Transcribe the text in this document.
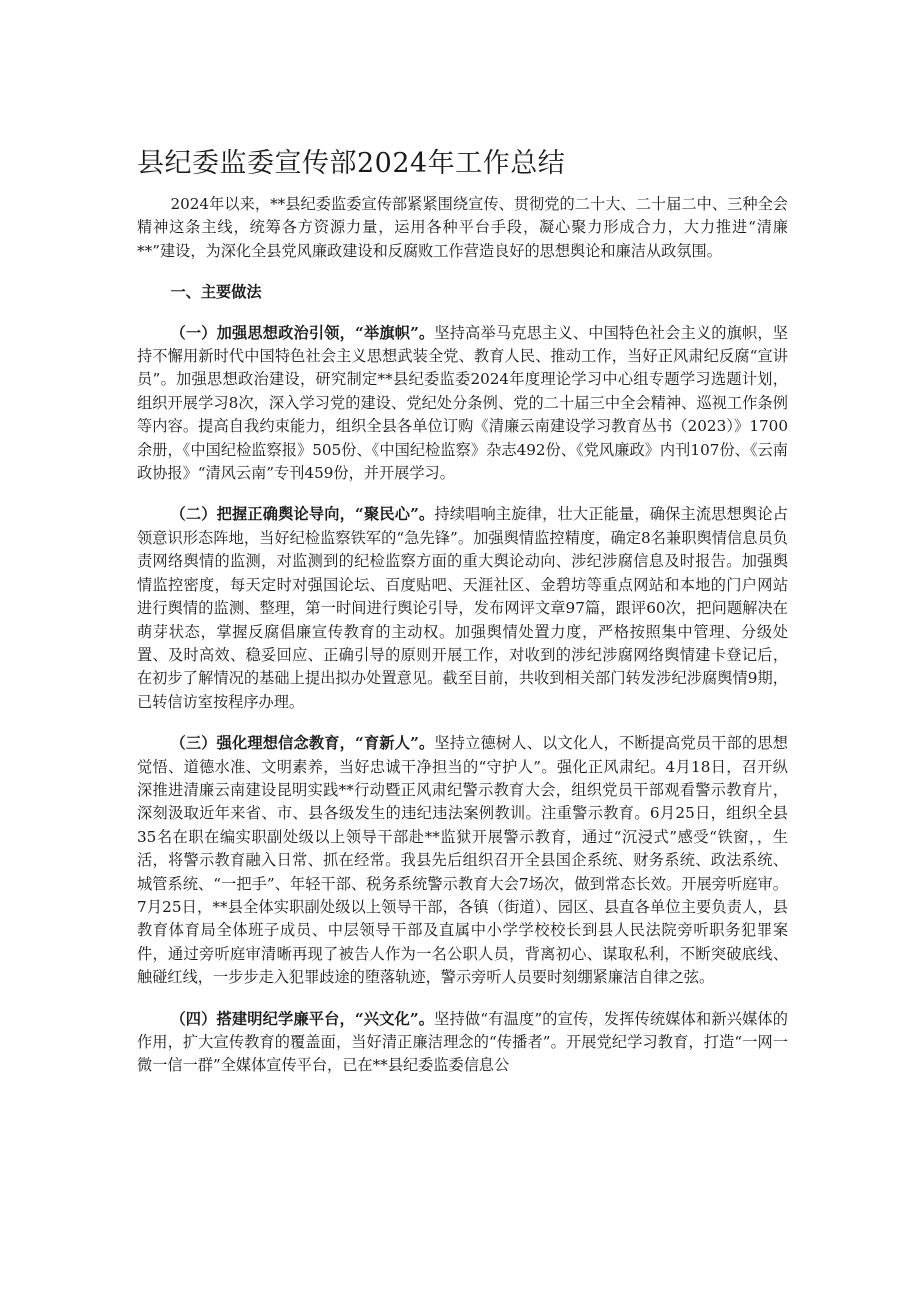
县纪委监委宣传部2024年工作总结

2024年以来，**县纪委监委宣传部紧紧围绕宣传、贯彻党的二十大、二十届二中、三种全会精神这条主线，统筹各方资源力量，运用各种平台手段，凝心聚力形成合力，大力推进“清廉**”建设，为深化全县党风廉政建设和反腐败工作营造良好的思想舆论和廉洁从政氛围。

一、主要做法

（一）加强思想政治引领，“举旗帜”。坚持高举马克思主义、中国特色社会主义的旗帜，坚持不懈用新时代中国特色社会主义思想武装全党、教育人民、推动工作，当好正风肃纪反腐“宣讲员”。加强思想政治建设，研究制定**县纪委监委2024年度理论学习中心组专题学习选题计划，组织开展学习8次，深入学习党的建设、党纪处分条例、党的二十届三中全会精神、巡视工作条例等内容。提高自我约束能力，组织全县各单位订购《清廉云南建设学习教育丛书（2023）》1700余册，《中国纪检监察报》505份、《中国纪检监察》杂志492份、《党风廉政》内刊107份、《云南政协报》“清风云南”专刊459份，并开展学习。

（二）把握正确舆论导向，“聚民心”。持续唱响主旋律，壮大正能量，确保主流思想舆论占领意识形态阵地，当好纪检监察铁军的“急先锋”。加强舆情监控精度，确定8名兼职舆情信息员负责网络舆情的监测，对监测到的纪检监察方面的重大舆论动向、涉纪涉腐信息及时报告。加强舆情监控密度，每天定时对强国论坛、百度贴吧、天涯社区、金碧坊等重点网站和本地的门户网站进行舆情的监测、整理，第一时间进行舆论引导，发布网评文章97篇，跟评60次，把问题解决在萌芽状态，掌握反腐倡廉宣传教育的主动权。加强舆情处置力度，严格按照集中管理、分级处置、及时高效、稳妥回应、正确引导的原则开展工作，对收到的涉纪涉腐网络舆情建卡登记后，在初步了解情况的基础上提出拟办处置意见。截至目前，共收到相关部门转发涉纪涉腐舆情9期，已转信访室按程序办理。

（三）强化理想信念教育，“育新人”。坚持立德树人、以文化人，不断提高党员干部的思想觉悟、道德水准、文明素养，当好忠诚干净担当的“守护人”。强化正风肃纪。4月18日，召开纵深推进清廉云南建设昆明实践**行动暨正风肃纪警示教育大会，组织党员干部观看警示教育片，深刻汲取近年来省、市、县各级发生的违纪违法案例教训。注重警示教育。6月25日，组织全县35名在职在编实职副处级以上领导干部赴**监狱开展警示教育，通过“沉浸式”感受“铁窗，，生活，将警示教育融入日常、抓在经常。我县先后组织召开全县国企系统、财务系统、政法系统、城管系统、“一把手”、年轻干部、税务系统警示教育大会7场次，做到常态长效。开展旁听庭审。7月25日，**县全体实职副处级以上领导干部，各镇（街道）、园区、县直各单位主要负责人，县教育体育局全体班子成员、中层领导干部及直属中小学学校校长到县人民法院旁听职务犯罪案件，通过旁听庭审清晰再现了被告人作为一名公职人员，背离初心、谋取私利，不断突破底线、触碰红线，一步步走入犯罪歧途的堕落轨迹，警示旁听人员要时刻绷紧廉洁自律之弦。

（四）搭建明纪学廉平台，“兴文化”。坚持做“有温度”的宣传，发挥传统媒体和新兴媒体的作用，扩大宣传教育的覆盖面，当好清正廉洁理念的“传播者”。开展党纪学习教育，打造“一网一微一信一群”全媒体宣传平台，已在**县纪委监委信息公
